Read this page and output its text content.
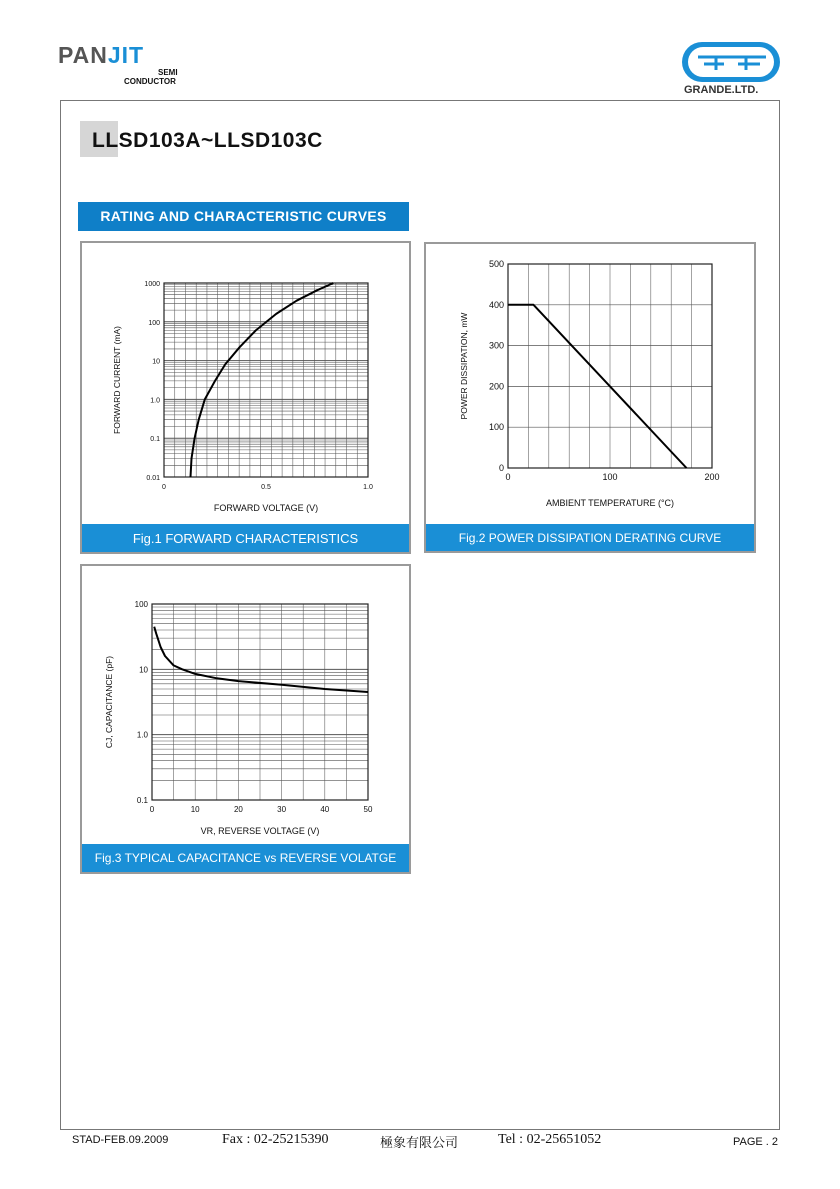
PANJIT
SEMI
CONDUCTOR
GRANDE.LTD.
LLSD103A~LLSD103C
RATING AND CHARACTERISTIC CURVES
0.01
0.1
1.0
10
100
1000
0	0.5	1.0
FORWARD VOLTAGE (V)
FORWARD CURRENT (mA)
Fig.1 FORWARD CHARACTERISTICS
0
100
200
300
400
500
0	100	200
AMBIENT TEMPERATURE (°C)
POWER DISSIPATION, mW
Fig.2 POWER DISSIPATION DERATING CURVE
0.1
1.0
10
100
0	10	20	30	40	50
VR, REVERSE VOLTAGE (V)
CJ, CAPACITANCE (pF)
Fig.3 TYPICAL CAPACITANCE vs REVERSE VOLATGE
STAD-FEB.09.2009	Fax : 02-25215390	極象有限公司	Tel : 02-25651052	PAGE . 2
